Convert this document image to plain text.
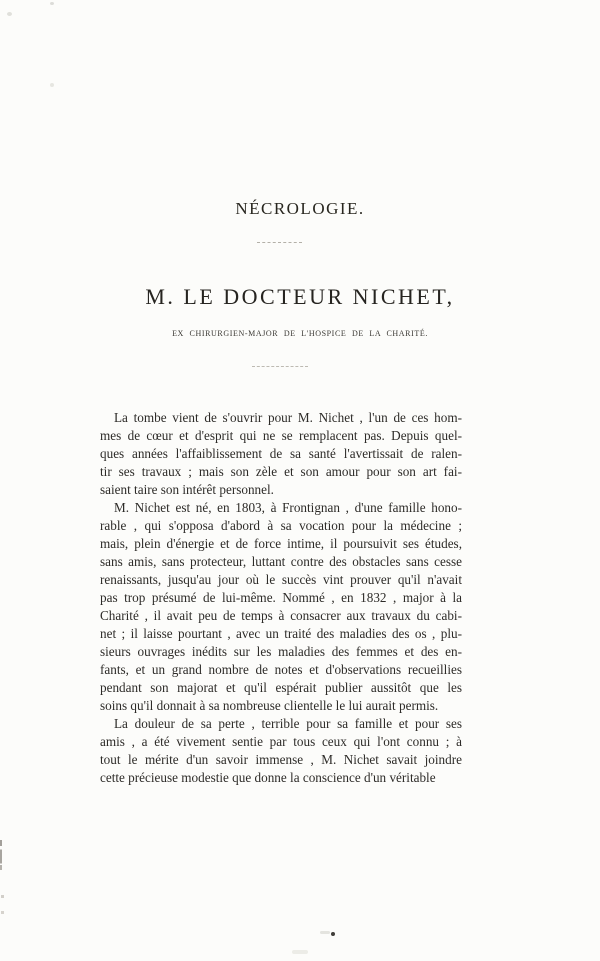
NÉCROLOGIE.
M. LE DOCTEUR NICHET,
EX CHIRURGIEN-MAJOR DE L'HOSPICE DE LA CHARITÉ.
La tombe vient de s'ouvrir pour M. Nichet , l'un de ces hom-
mes de cœur et d'esprit qui ne se remplacent pas. Depuis quel-
ques années l'affaiblissement de sa santé l'avertissait de ralen-
tir ses travaux ; mais son zèle et son amour pour son art fai-
saient taire son intérêt personnel.
M. Nichet est né, en 1803, à Frontignan , d'une famille hono-
rable , qui s'opposa d'abord à sa vocation pour la médecine ;
mais, plein d'énergie et de force intime, il poursuivit ses études,
sans amis, sans protecteur, luttant contre des obstacles sans cesse
renaissants, jusqu'au jour où le succès vint prouver qu'il n'avait
pas trop présumé de lui-même. Nommé , en 1832 , major à la
Charité , il avait peu de temps à consacrer aux travaux du cabi-
net ; il laisse pourtant , avec un traité des maladies des os , plu-
sieurs ouvrages inédits sur les maladies des femmes et des en-
fants, et un grand nombre de notes et d'observations recueillies
pendant son majorat et qu'il espérait publier aussitôt que les
soins qu'il donnait à sa nombreuse clientelle le lui aurait permis.
La douleur de sa perte , terrible pour sa famille et pour ses
amis , a été vivement sentie par tous ceux qui l'ont connu ; à
tout le mérite d'un savoir immense , M. Nichet savait joindre
cette précieuse modestie que donne la conscience d'un véritable
